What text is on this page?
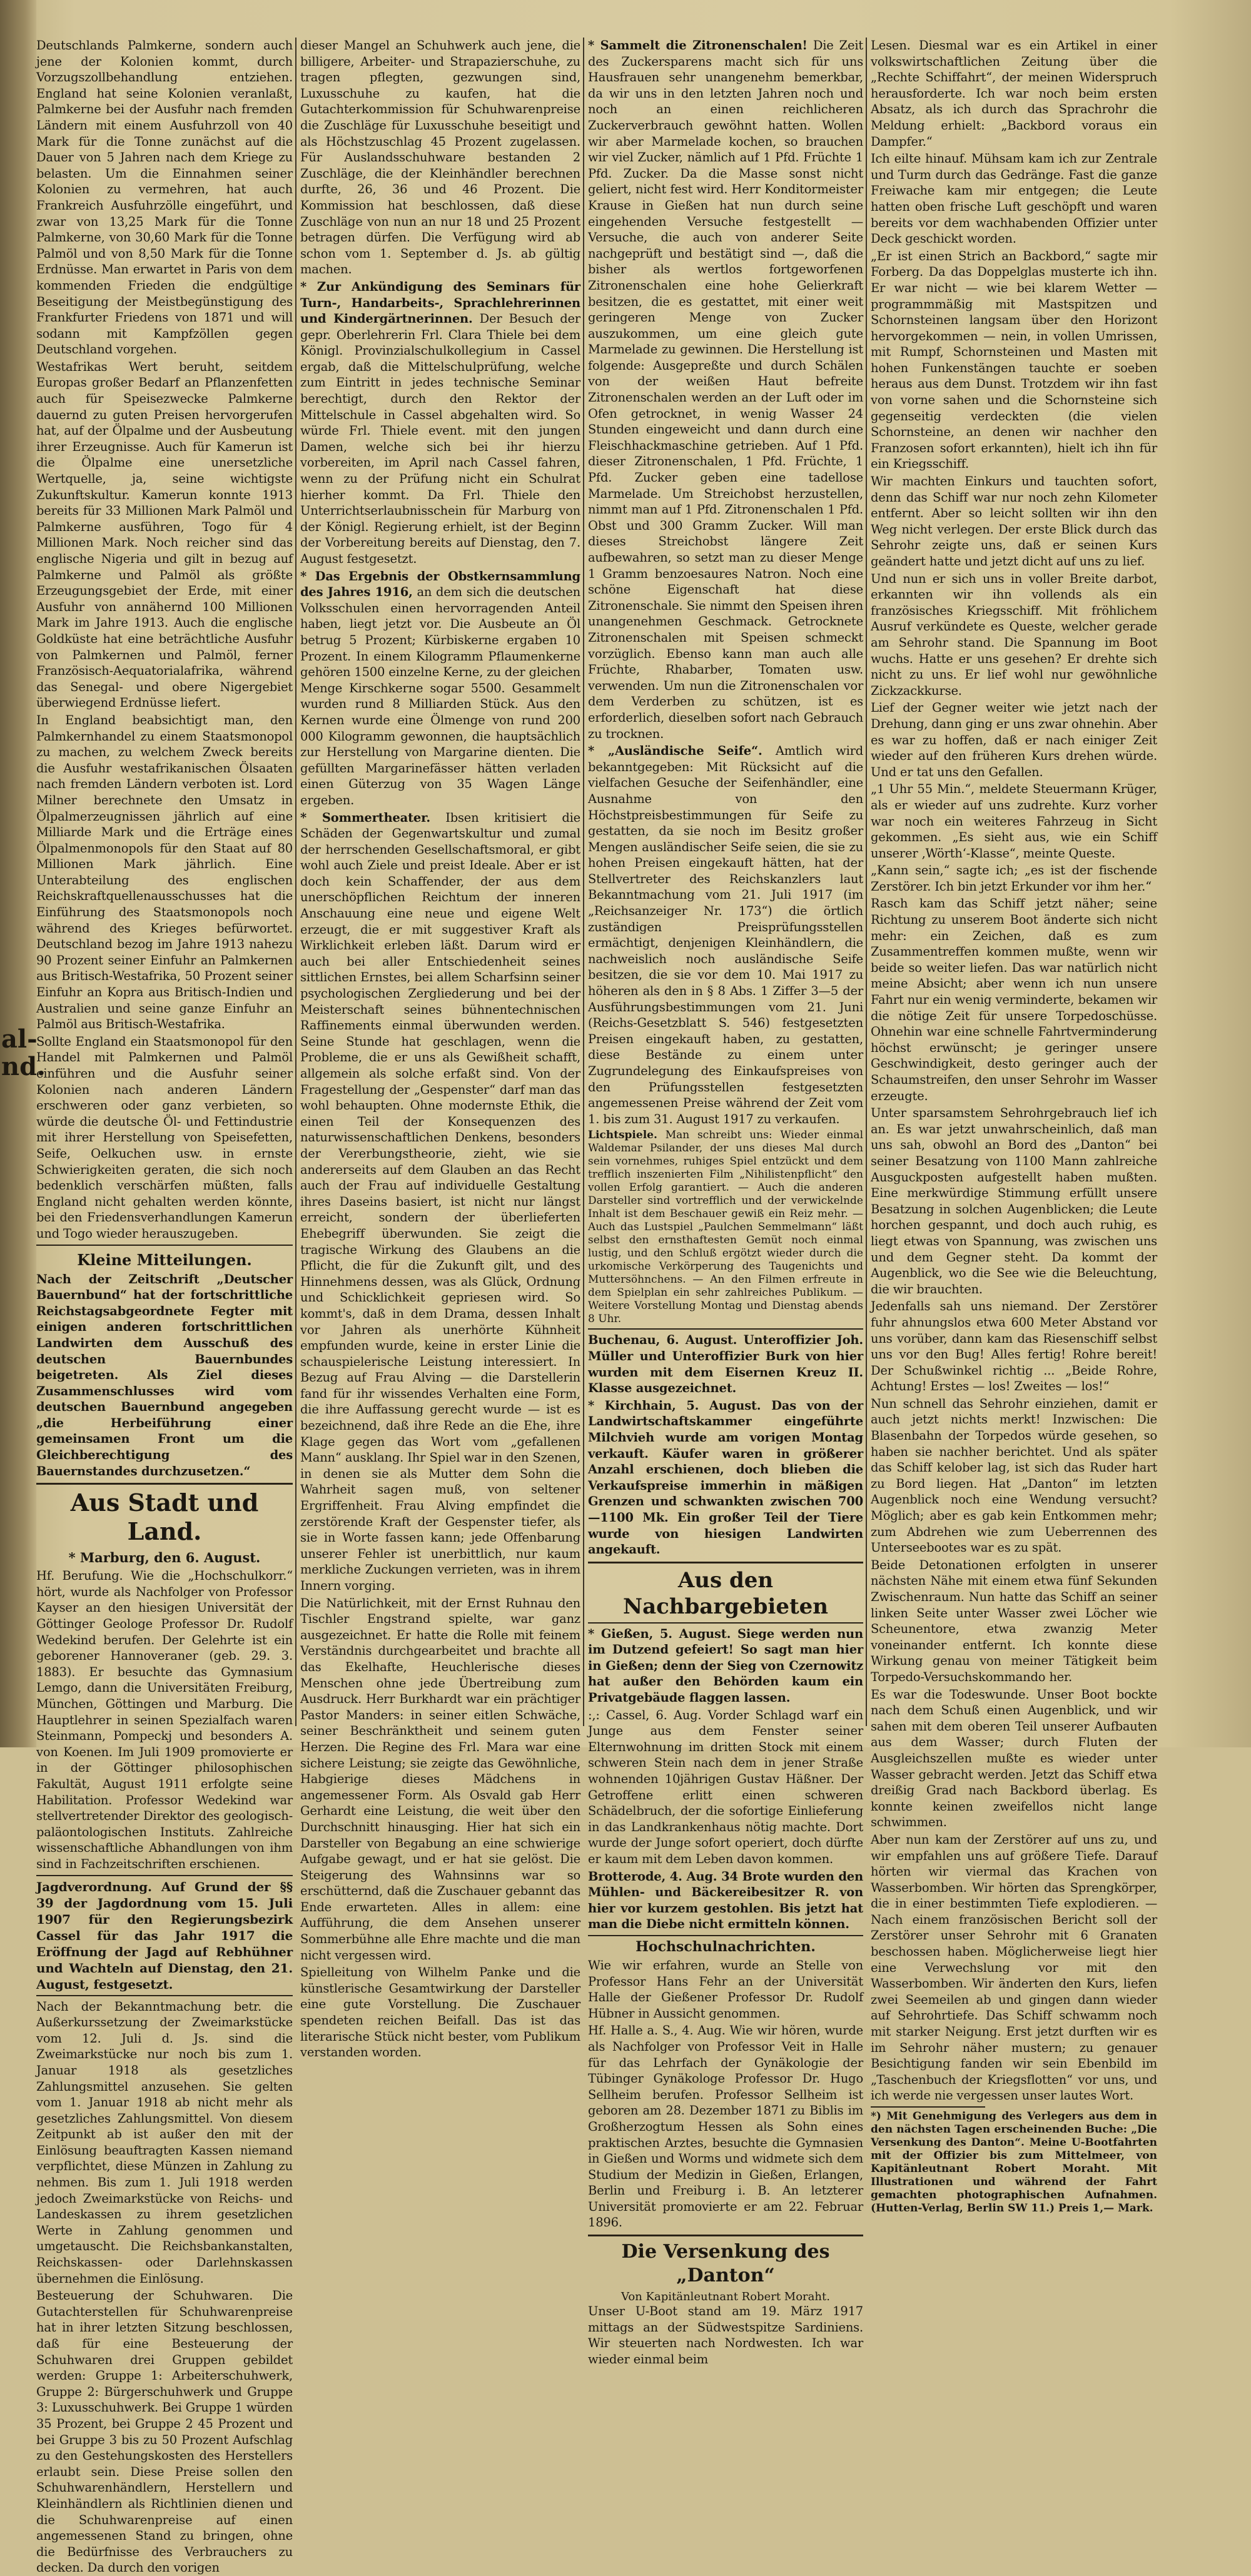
al-
nd.

Deutschlands Palmkerne, sondern auch jene der Kolonien kommt, durch Vorzugszollbehandlung entziehen. England hat seine Kolonien veranlaßt, Palmkerne bei der Ausfuhr nach fremden Ländern mit einem Ausfuhrzoll von 40 Mark für die Tonne zunächst auf die Dauer von 5 Jahren nach dem Kriege zu belasten. Um die Einnahmen seiner Kolonien zu vermehren, hat auch Frankreich Ausfuhrzölle eingeführt, und zwar von 13,25 Mark für die Tonne Palmkerne, von 30,60 Mark für die Tonne Palmöl und von 8,50 Mark für die Tonne Erdnüsse. Man erwartet in Paris von dem kommenden Frieden die endgültige Beseitigung der Meistbegünstigung des Frankfurter Friedens von 1871 und will sodann mit Kampfzöllen gegen Deutschland vorgehen.

Westafrikas Wert beruht, seitdem Europas großer Bedarf an Pflanzenfetten auch für Speisezwecke Palmkerne dauernd zu guten Preisen hervorgerufen hat, auf der Ölpalme und der Ausbeutung ihrer Erzeugnisse. Auch für Kamerun ist die Ölpalme eine unersetzliche Wertquelle, ja, seine wichtigste Zukunftskultur. Kamerun konnte 1913 bereits für 33 Millionen Mark Palmöl und Palmkerne ausführen, Togo für 4 Millionen Mark. Noch reicher sind das englische Nigeria und gilt in bezug auf Palmkerne und Palmöl als größte Erzeugungsgebiet der Erde, mit einer Ausfuhr von annähernd 100 Millionen Mark im Jahre 1913. Auch die englische Goldküste hat eine beträchtliche Ausfuhr von Palmkernen und Palmöl, ferner Französisch-Aequatorialafrika, während das Senegal- und obere Nigergebiet überwiegend Erdnüsse liefert.

In England beabsichtigt man, den Palmkernhandel zu einem Staatsmonopol zu machen, zu welchem Zweck bereits die Ausfuhr westafrikanischen Ölsaaten nach fremden Ländern verboten ist. Lord Milner berechnete den Umsatz in Ölpalmerzeugnissen jährlich auf eine Milliarde Mark und die Erträge eines Ölpalmenmonopols für den Staat auf 80 Millionen Mark jährlich. Eine Unterabteilung des englischen Reichskraftquellenausschusses hat die Einführung des Staatsmonopols noch während des Krieges befürwortet. Deutschland bezog im Jahre 1913 nahezu 90 Prozent seiner Einfuhr an Palmkernen aus Britisch-Westafrika, 50 Prozent seiner Einfuhr an Kopra aus Britisch-Indien und Australien und seine ganze Einfuhr an Palmöl aus Britisch-Westafrika.

Sollte England ein Staatsmonopol für den Handel mit Palmkernen und Palmöl einführen und die Ausfuhr seiner Kolonien nach anderen Ländern erschweren oder ganz verbieten, so würde die deutsche Öl- und Fettindustrie mit ihrer Herstellung von Speisefetten, Seife, Oelkuchen usw. in ernste Schwierigkeiten geraten, die sich noch bedenklich verschärfen müßten, falls England nicht gehalten werden könnte, bei den Friedensverhandlungen Kamerun und Togo wieder herauszugeben.

Kleine Mitteilungen.

Nach der Zeitschrift „Deutscher Bauernbund“ hat der fortschrittliche Reichstagsabgeordnete Fegter mit einigen anderen fortschrittlichen Landwirten dem Ausschuß des deutschen Bauernbundes beigetreten. Als Ziel dieses Zusammenschlusses wird vom deutschen Bauernbund angegeben „die Herbeiführung einer gemeinsamen Front um die Gleichberechtigung des Bauernstandes durchzusetzen.“

Aus Stadt und Land.
* Marburg, den 6. August.

Hf. Berufung. Wie die „Hochschulkorr.“ hört, wurde als Nachfolger von Professor Kayser an den hiesigen Universität der Göttinger Geologe Professor Dr. Rudolf Wedekind berufen. Der Gelehrte ist ein geborener Hannoveraner (geb. 29. 3. 1883). Er besuchte das Gymnasium Lemgo, dann die Universitäten Freiburg, München, Göttingen und Marburg. Die Hauptlehrer in seinen Spezialfach waren Steinmann, Pompeckj und besonders A. von Koenen. Im Juli 1909 promovierte er in der Göttinger philosophischen Fakultät, August 1911 erfolgte seine Habilitation. Professor Wedekind war stellvertretender Direktor des geologisch-paläontologischen Instituts. Zahlreiche wissenschaftliche Abhandlungen von ihm sind in Fachzeitschriften erschienen.

Jagdverordnung. Auf Grund der §§ 39 der Jagdordnung vom 15. Juli 1907 für den Regierungsbezirk Cassel für das Jahr 1917 die Eröffnung der Jagd auf Rebhühner und Wachteln auf Dienstag, den 21. August, festgesetzt.

Nach der Bekanntmachung betr. die Außerkurssetzung der Zweimarkstücke vom 12. Juli d. Js. sind die Zweimarkstücke nur noch bis zum 1. Januar 1918 als gesetzliches Zahlungsmittel anzusehen. Sie gelten vom 1. Januar 1918 ab nicht mehr als gesetzliches Zahlungsmittel. Von diesem Zeitpunkt ab ist außer den mit der Einlösung beauftragten Kassen niemand verpflichtet, diese Münzen in Zahlung zu nehmen. Bis zum 1. Juli 1918 werden jedoch Zweimarkstücke von Reichs- und Landeskassen zu ihrem gesetzlichen Werte in Zahlung genommen und umgetauscht. Die Reichsbankanstalten, Reichskassen- oder Darlehnskassen übernehmen die Einlösung.

Besteuerung der Schuhwaren. Die Gutachterstellen für Schuhwarenpreise hat in ihrer letzten Sitzung beschlossen, daß für eine Besteuerung der Schuhwaren drei Gruppen gebildet werden: Gruppe 1: Arbeiterschuhwerk, Gruppe 2: Bürgerschuhwerk und Gruppe 3: Luxusschuhwerk. Bei Gruppe 1 würden 35 Prozent, bei Gruppe 2 45 Prozent und bei Gruppe 3 bis zu 50 Prozent Aufschlag zu den Gestehungskosten des Herstellers erlaubt sein. Diese Preise sollen den Schuhwarenhändlern, Herstellern und Kleinhändlern als Richtlinien dienen und die Schuhwarenpreise auf einen angemessenen Stand zu bringen, ohne die Bedürfnisse des Verbrauchers zu decken. Da durch den vorigen

dieser Mangel an Schuhwerk auch jene, die billigere, Arbeiter- und Strapazierschuhe, zu tragen pflegten, gezwungen sind, Luxusschuhe zu kaufen, hat die Gutachterkommission für Schuhwarenpreise die Zuschläge für Luxusschuhe beseitigt und als Höchstzuschlag 45 Prozent zugelassen. Für Auslandsschuhware bestanden 2 Zuschläge, die der Kleinhändler berechnen durfte, 26, 36 und 46 Prozent. Die Kommission hat beschlossen, daß diese Zuschläge von nun an nur 18 und 25 Prozent betragen dürfen. Die Verfügung wird ab schon vom 1. September d. Js. ab gültig machen.

* Zur Ankündigung des Seminars für Turn-, Handarbeits-, Sprachlehrerinnen und Kindergärtnerinnen. Der Besuch der gepr. Oberlehrerin Frl. Clara Thiele bei dem Königl. Provinzialschulkollegium in Cassel ergab, daß die Mittelschulprüfung, welche zum Eintritt in jedes technische Seminar berechtigt, durch den Rektor der Mittelschule in Cassel abgehalten wird. So würde Frl. Thiele event. mit den jungen Damen, welche sich bei ihr hierzu vorbereiten, im April nach Cassel fahren, wenn zu der Prüfung nicht ein Schulrat hierher kommt. Da Frl. Thiele den Unterrichtserlaubnisschein für Marburg von der Königl. Regierung erhielt, ist der Beginn der Vorbereitung bereits auf Dienstag, den 7. August festgesetzt.

* Das Ergebnis der Obstkernsammlung des Jahres 1916, an dem sich die deutschen Volksschulen einen hervorragenden Anteil haben, liegt jetzt vor. Die Ausbeute an Öl betrug 5 Prozent; Kürbiskerne ergaben 10 Prozent. In einem Kilogramm Pflaumenkerne gehören 1500 einzelne Kerne, zu der gleichen Menge Kirschkerne sogar 5500. Gesammelt wurden rund 8 Milliarden Stück. Aus den Kernen wurde eine Ölmenge von rund 200 000 Kilogramm gewonnen, die hauptsächlich zur Herstellung von Margarine dienten. Die gefüllten Margarinefässer hätten verladen einen Güterzug von 35 Wagen Länge ergeben.

* Sommertheater. Ibsen kritisiert die Schäden der Gegenwartskultur und zumal der herrschenden Gesellschaftsmoral, er gibt wohl auch Ziele und preist Ideale. Aber er ist doch kein Schaffender, der aus dem unerschöpflichen Reichtum der inneren Anschauung eine neue und eigene Welt erzeugt, die er mit suggestiver Kraft als Wirklichkeit erleben läßt. Darum wird er auch bei aller Entschiedenheit seines sittlichen Ernstes, bei allem Scharfsinn seiner psychologischen Zergliederung und bei der Meisterschaft seines bühnentechnischen Raffinements einmal überwunden werden. Seine Stunde hat geschlagen, wenn die Probleme, die er uns als Gewißheit schafft, allgemein als solche erfaßt sind. Von der Fragestellung der „Gespenster“ darf man das wohl behaupten. Ohne modernste Ethik, die einen Teil der Konsequenzen des naturwissenschaftlichen Denkens, besonders der Vererbungstheorie, zieht, wie sie andererseits auf dem Glauben an das Recht auch der Frau auf individuelle Gestaltung ihres Daseins basiert, ist nicht nur längst erreicht, sondern der überlieferten Ehebegriff überwunden. Sie zeigt die tragische Wirkung des Glaubens an die Pflicht, die für die Zukunft gilt, und des Hinnehmens dessen, was als Glück, Ordnung und Schicklichkeit gepriesen wird. So kommt's, daß in dem Drama, dessen Inhalt vor Jahren als unerhörte Kühnheit empfunden wurde, keine in erster Linie die schauspielerische Leistung interessiert. In Bezug auf Frau Alving — die Darstellerin fand für ihr wissendes Verhalten eine Form, die ihre Auffassung gerecht wurde — ist es bezeichnend, daß ihre Rede an die Ehe, ihre Klage gegen das Wort vom „gefallenen Mann“ ausklang. Ihr Spiel war in den Szenen, in denen sie als Mutter dem Sohn die Wahrheit sagen muß, von seltener Ergriffenheit. Frau Alving empfindet die zerstörende Kraft der Gespenster tiefer, als sie in Worte fassen kann; jede Offenbarung unserer Fehler ist unerbittlich, nur kaum merkliche Zuckungen verrieten, was in ihrem Innern vorging.

Die Natürlichkeit, mit der Ernst Ruhnau den Tischler Engstrand spielte, war ganz ausgezeichnet. Er hatte die Rolle mit feinem Verständnis durchgearbeitet und brachte all das Ekelhafte, Heuchlerische dieses Menschen ohne jede Übertreibung zum Ausdruck. Herr Burkhardt war ein prächtiger Pastor Manders: in seiner eitlen Schwäche, seiner Beschränktheit und seinem guten Herzen. Die Regine des Frl. Mara war eine sichere Leistung; sie zeigte das Gewöhnliche, Habgierige dieses Mädchens in angemessener Form. Als Osvald gab Herr Gerhardt eine Leistung, die weit über den Durchschnitt hinausging. Hier hat sich ein Darsteller von Begabung an eine schwierige Aufgabe gewagt, und er hat sie gelöst. Die Steigerung des Wahnsinns war so erschütternd, daß die Zuschauer gebannt das Ende erwarteten. Alles in allem: eine Aufführung, die dem Ansehen unserer Sommerbühne alle Ehre machte und die man nicht vergessen wird.

Spielleitung von Wilhelm Panke und die künstlerische Gesamtwirkung der Darsteller eine gute Vorstellung. Die Zuschauer spendeten reichen Beifall. Das ist das literarische Stück nicht bester, vom Publikum verstanden worden.

* Sammelt die Zitronenschalen! Die Zeit des Zuckersparens macht sich für uns Hausfrauen sehr unangenehm bemerkbar, da wir uns in den letzten Jahren noch und noch an einen reichlicheren Zuckerverbrauch gewöhnt hatten. Wollen wir aber Marmelade kochen, so brauchen wir viel Zucker, nämlich auf 1 Pfd. Früchte 1 Pfd. Zucker. Da die Masse sonst nicht geliert, nicht fest wird. Herr Konditormeister Krause in Gießen hat nun durch seine eingehenden Versuche festgestellt — Versuche, die auch von anderer Seite nachgeprüft und bestätigt sind —, daß die bisher als wertlos fortgeworfenen Zitronenschalen eine hohe Gelierkraft besitzen, die es gestattet, mit einer weit geringeren Menge von Zucker auszukommen, um eine gleich gute Marmelade zu gewinnen. Die Herstellung ist folgende: Ausgepreßte und durch Schälen von der weißen Haut befreite Zitronenschalen werden an der Luft oder im Ofen getrocknet, in wenig Wasser 24 Stunden eingeweicht und dann durch eine Fleischhackmaschine getrieben. Auf 1 Pfd. dieser Zitronenschalen, 1 Pfd. Früchte, 1 Pfd. Zucker geben eine tadellose Marmelade. Um Streichobst herzustellen, nimmt man auf 1 Pfd. Zitronenschalen 1 Pfd. Obst und 300 Gramm Zucker. Will man dieses Streichobst längere Zeit aufbewahren, so setzt man zu dieser Menge 1 Gramm benzoesaures Natron. Noch eine schöne Eigenschaft hat diese Zitronenschale. Sie nimmt den Speisen ihren unangenehmen Geschmack. Getrocknete Zitronenschalen mit Speisen schmeckt vorzüglich. Ebenso kann man auch alle Früchte, Rhabarber, Tomaten usw. verwenden. Um nun die Zitronenschalen vor dem Verderben zu schützen, ist es erforderlich, dieselben sofort nach Gebrauch zu trocknen.

* „Ausländische Seife“. Amtlich wird bekanntgegeben: Mit Rücksicht auf die vielfachen Gesuche der Seifenhändler, eine Ausnahme von den Höchstpreisbestimmungen für Seife zu gestatten, da sie noch im Besitz großer Mengen ausländischer Seife seien, die sie zu hohen Preisen eingekauft hätten, hat der Stellvertreter des Reichskanzlers laut Bekanntmachung vom 21. Juli 1917 (im „Reichsanzeiger Nr. 173“) die örtlich zuständigen Preisprüfungsstellen ermächtigt, denjenigen Kleinhändlern, die nachweislich noch ausländische Seife besitzen, die sie vor dem 10. Mai 1917 zu höheren als den in § 8 Abs. 1 Ziffer 3—5 der Ausführungsbestimmungen vom 21. Juni (Reichs-Gesetzblatt S. 546) festgesetzten Preisen eingekauft haben, zu gestatten, diese Bestände zu einem unter Zugrundelegung des Einkaufspreises von den Prüfungsstellen festgesetzten angemessenen Preise während der Zeit vom 1. bis zum 31. August 1917 zu verkaufen.

Lichtspiele. Man schreibt uns: Wieder einmal Waldemar Psilander, der uns dieses Mal durch sein vornehmes, ruhiges Spiel entzückt und dem trefflich inszenierten Film „Nihilistenpflicht“ den vollen Erfolg garantiert. — Auch die anderen Darsteller sind vortrefflich und der verwickelnde Inhalt ist dem Beschauer gewiß ein Reiz mehr. — Auch das Lustspiel „Paulchen Semmelmann“ läßt selbst den ernsthaftesten Gemüt noch einmal lustig, und den Schluß ergötzt wieder durch die urkomische Verkörperung des Taugenichts und Muttersöhnchens. — An den Filmen erfreute in dem Spielplan ein sehr zahlreiches Publikum. — Weitere Vorstellung Montag und Dienstag abends 8 Uhr.

Buchenau, 6. August. Unteroffizier Joh. Müller und Unteroffizier Burk von hier wurden mit dem Eisernen Kreuz II. Klasse ausgezeichnet.

* Kirchhain, 5. August. Das von der Landwirtschaftskammer eingeführte Milchvieh wurde am vorigen Montag verkauft. Käufer waren in größerer Anzahl erschienen, doch blieben die Verkaufspreise immerhin in mäßigen Grenzen und schwankten zwischen 700—1100 Mk. Ein großer Teil der Tiere wurde von hiesigen Landwirten angekauft.

Aus den Nachbargebieten

* Gießen, 5. August. Siege werden nun im Dutzend gefeiert! So sagt man hier in Gießen; denn der Sieg von Czernowitz hat außer den Behörden kaum ein Privatgebäude flaggen lassen.

:,: Cassel, 6. Aug. Vorder Schlagd warf ein Junge aus dem Fenster seiner Elternwohnung im dritten Stock mit einem schweren Stein nach dem in jener Straße wohnenden 10jährigen Gustav Häßner. Der Getroffene erlitt einen schweren Schädelbruch, der die sofortige Einlieferung in das Landkrankenhaus nötig machte. Dort wurde der Junge sofort operiert, doch dürfte er kaum mit dem Leben davon kommen.

Brotterode, 4. Aug. 34 Brote wurden den Mühlen- und Bäckereibesitzer R. von hier vor kurzem gestohlen. Bis jetzt hat man die Diebe nicht ermitteln können.

Hochschulnachrichten.

Wie wir erfahren, wurde an Stelle von Professor Hans Fehr an der Universität Halle der Gießener Professor Dr. Rudolf Hübner in Aussicht genommen.

Hf. Halle a. S., 4. Aug. Wie wir hören, wurde als Nachfolger von Professor Veit in Halle für das Lehrfach der Gynäkologie der Tübinger Gynäkologe Professor Dr. Hugo Sellheim berufen. Professor Sellheim ist geboren am 28. Dezember 1871 zu Biblis im Großherzogtum Hessen als Sohn eines praktischen Arztes, besuchte die Gymnasien in Gießen und Worms und widmete sich dem Studium der Medizin in Gießen, Erlangen, Berlin und Freiburg i. B. An letzterer Universität promovierte er am 22. Februar 1896.

Die Versenkung des „Danton“
Von Kapitänleutnant Robert Moraht.

Unser U-Boot stand am 19. März 1917 mittags an der Südwestspitze Sardiniens. Wir steuerten nach Nordwesten. Ich war wieder einmal beim

Lesen. Diesmal war es ein Artikel in einer volkswirtschaftlichen Zeitung über die „Rechte Schiffahrt“, der meinen Widerspruch herausforderte. Ich war noch beim ersten Absatz, als ich durch das Sprachrohr die Meldung erhielt: „Backbord voraus ein Dampfer.“

Ich eilte hinauf. Mühsam kam ich zur Zentrale und Turm durch das Gedränge. Fast die ganze Freiwache kam mir entgegen; die Leute hatten oben frische Luft geschöpft und waren bereits vor dem wachhabenden Offizier unter Deck geschickt worden.

„Er ist einen Strich an Backbord,“ sagte mir Forberg. Da das Doppelglas musterte ich ihn. Er war nicht — wie bei klarem Wetter — programmmäßig mit Mastspitzen und Schornsteinen langsam über den Horizont hervorgekommen — nein, in vollen Umrissen, mit Rumpf, Schornsteinen und Masten mit hohen Funkenstängen tauchte er soeben heraus aus dem Dunst. Trotzdem wir ihn fast von vorne sahen und die Schornsteine sich gegenseitig verdeckten (die vielen Schornsteine, an denen wir nachher den Franzosen sofort erkannten), hielt ich ihn für ein Kriegsschiff.

Wir machten Einkurs und tauchten sofort, denn das Schiff war nur noch zehn Kilometer entfernt. Aber so leicht sollten wir ihn den Weg nicht verlegen. Der erste Blick durch das Sehrohr zeigte uns, daß er seinen Kurs geändert hatte und jetzt dicht auf uns zu lief.

Und nun er sich uns in voller Breite darbot, erkannten wir ihn vollends als ein französisches Kriegsschiff. Mit fröhlichem Ausruf verkündete es Queste, welcher gerade am Sehrohr stand. Die Spannung im Boot wuchs. Hatte er uns gesehen? Er drehte sich nicht zu uns. Er lief wohl nur gewöhnliche Zickzackkurse.

Lief der Gegner weiter wie jetzt nach der Drehung, dann ging er uns zwar ohnehin. Aber es war zu hoffen, daß er nach einiger Zeit wieder auf den früheren Kurs drehen würde. Und er tat uns den Gefallen.

„1 Uhr 55 Min.“, meldete Steuermann Krüger, als er wieder auf uns zudrehte. Kurz vorher war noch ein weiteres Fahrzeug in Sicht gekommen. „Es sieht aus, wie ein Schiff unserer ‚Wörth‘-Klasse“, meinte Queste.

„Kann sein,“ sagte ich; „es ist der fischende Zerstörer. Ich bin jetzt Erkunder vor ihm her.“

Rasch kam das Schiff jetzt näher; seine Richtung zu unserem Boot änderte sich nicht mehr: ein Zeichen, daß es zum Zusammentreffen kommen mußte, wenn wir beide so weiter liefen. Das war natürlich nicht meine Absicht; aber wenn ich nun unsere Fahrt nur ein wenig verminderte, bekamen wir die nötige Zeit für unsere Torpedoschüsse. Ohnehin war eine schnelle Fahrtverminderung höchst erwünscht; je geringer unsere Geschwindigkeit, desto geringer auch der Schaumstreifen, den unser Sehrohr im Wasser erzeugte.

Unter sparsamstem Sehrohrgebrauch lief ich an. Es war jetzt unwahrscheinlich, daß man uns sah, obwohl an Bord des „Danton“ bei seiner Besatzung von 1100 Mann zahlreiche Ausguckposten aufgestellt haben mußten. Eine merkwürdige Stimmung erfüllt unsere Besatzung in solchen Augenblicken; die Leute horchen gespannt, und doch auch ruhig, es liegt etwas von Spannung, was zwischen uns und dem Gegner steht. Da kommt der Augenblick, wo die See wie die Beleuchtung, die wir brauchten.

Jedenfalls sah uns niemand. Der Zerstörer fuhr ahnungslos etwa 600 Meter Abstand vor uns vorüber, dann kam das Riesenschiff selbst uns vor den Bug! Alles fertig! Rohre bereit! Der Schußwinkel richtig ... „Beide Rohre, Achtung! Erstes — los! Zweites — los!“

Nun schnell das Sehrohr einziehen, damit er auch jetzt nichts merkt! Inzwischen: Die Blasenbahn der Torpedos würde gesehen, so haben sie nachher berichtet. Und als später das Schiff kelober lag, ist sich das Ruder hart zu Bord liegen. Hat „Danton“ im letzten Augenblick noch eine Wendung versucht? Möglich; aber es gab kein Entkommen mehr; zum Abdrehen wie zum Ueberrennen des Unterseebootes war es zu spät.

Beide Detonationen erfolgten in unserer nächsten Nähe mit einem etwa fünf Sekunden Zwischenraum. Nun hatte das Schiff an seiner linken Seite unter Wasser zwei Löcher wie Scheunentore, etwa zwanzig Meter voneinander entfernt. Ich konnte diese Wirkung genau von meiner Tätigkeit beim Torpedo-Versuchskommando her.

Es war die Todeswunde. Unser Boot bockte nach dem Schuß einen Augenblick, und wir sahen mit dem oberen Teil unserer Aufbauten aus dem Wasser; durch Fluten der Ausgleichszellen mußte es wieder unter Wasser gebracht werden. Jetzt das Schiff etwa dreißig Grad nach Backbord überlag. Es konnte keinen zweifellos nicht lange schwimmen.

Aber nun kam der Zerstörer auf uns zu, und wir empfahlen uns auf größere Tiefe. Darauf hörten wir viermal das Krachen von Wasserbomben. Wir hörten das Sprengkörper, die in einer bestimmten Tiefe explodieren. — Nach einem französischen Bericht soll der Zerstörer unser Sehrohr mit 6 Granaten beschossen haben. Möglicherweise liegt hier eine Verwechslung vor mit den Wasserbomben. Wir änderten den Kurs, liefen zwei Seemeilen ab und gingen dann wieder auf Sehrohrtiefe. Das Schiff schwamm noch mit starker Neigung. Erst jetzt durften wir es im Sehrohr näher mustern; zu genauer Besichtigung fanden wir sein Ebenbild im „Taschenbuch der Kriegsflotten“ vor uns, und ich werde nie vergessen unser lautes Wort.

*) Mit Genehmigung des Verlegers aus dem in den nächsten Tagen erscheinenden Buche: „Die Versenkung des Danton“. Meine U-Bootfahrten mit der Offizier bis zum Mittelmeer, von Kapitänleutnant Robert Moraht. Mit Illustrationen und während der Fahrt gemachten photographischen Aufnahmen. (Hutten-Verlag, Berlin SW 11.) Preis 1,— Mark.
